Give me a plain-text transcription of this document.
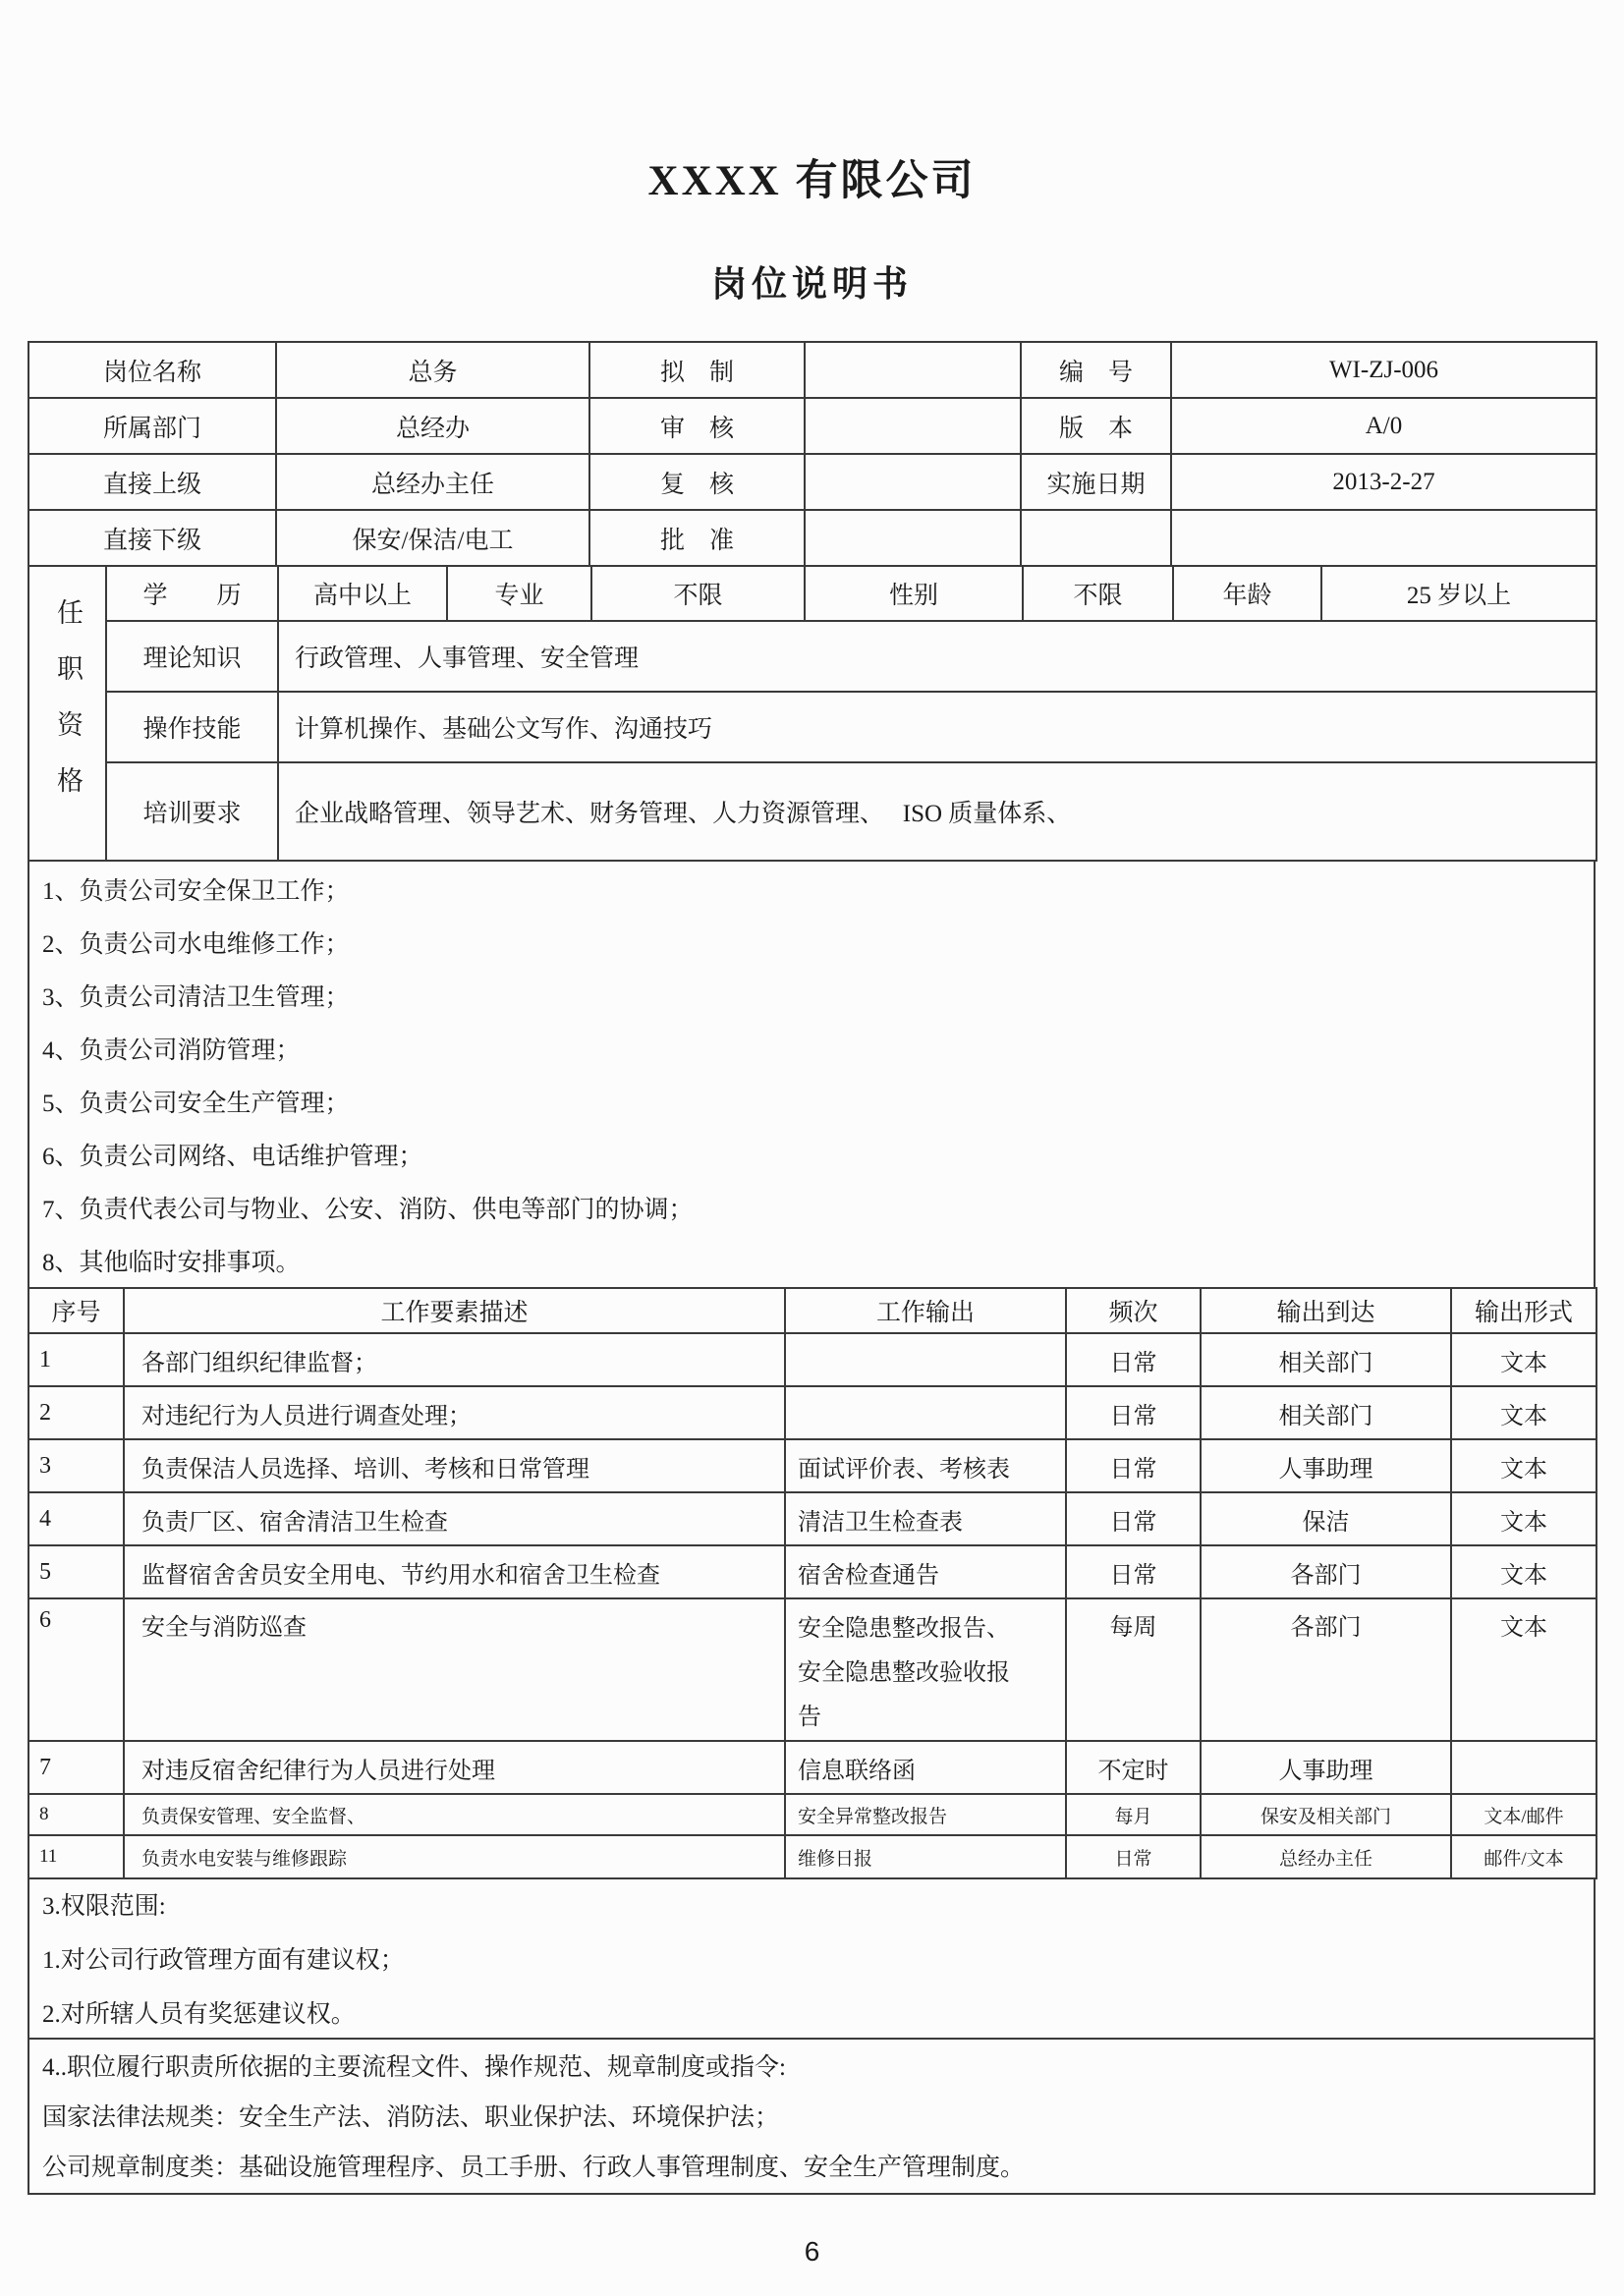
XXXX 有限公司
岗位说明书
岗位名称	总务	拟　制		编　号	WI-ZJ-006
所属部门	总经办	审　核		版　本	A/0
直接上级	总经办主任	复　核		实施日期	2013-2-27
直接下级	保安/保洁/电工	批　准			
任职资格	学　　历	高中以上	专业	不限	性别	不限	年龄	25 岁以上
	理论知识	行政管理、人事管理、安全管理						
	操作技能	计算机操作、基础公文写作、沟通技巧						
	培训要求	企业战略管理、领导艺术、财务管理、人力资源管理、　 ISO 质量体系、						
1、负责公司安全保卫工作；
2、负责公司水电维修工作；
3、负责公司清洁卫生管理；
4、负责公司消防管理；
5、负责公司安全生产管理；
6、负责公司网络、电话维护管理；
7、负责代表公司与物业、公安、消防、供电等部门的协调；
8、其他临时安排事项。
序号	工作要素描述	工作输出	频次	输出到达	输出形式
1	各部门组织纪律监督；		日常	相关部门	文本
2	对违纪行为人员进行调查处理；		日常	相关部门	文本
3	负责保洁人员选择、培训、考核和日常管理	面试评价表、考核表	日常	人事助理	文本
4	负责厂区、宿舍清洁卫生检查	清洁卫生检查表	日常	保洁	文本
5	监督宿舍舍员安全用电、节约用水和宿舍卫生检查	宿舍检查通告	日常	各部门	文本
6	安全与消防巡查	安全隐患整改报告、安全隐患整改验收报告	每周	各部门	文本
7	对违反宿舍纪律行为人员进行处理	信息联络函	不定时	人事助理	
8	负责保安管理、安全监督、	安全异常整改报告	每月	保安及相关部门	文本/邮件
11	负责水电安装与维修跟踪	维修日报	日常	总经办主任	邮件/文本
3.权限范围:
1.对公司行政管理方面有建议权；
2.对所辖人员有奖惩建议权。
4..职位履行职责所依据的主要流程文件、操作规范、规章制度或指令:
国家法律法规类：安全生产法、消防法、职业保护法、环境保护法；
公司规章制度类：基础设施管理程序、员工手册、行政人事管理制度、安全生产管理制度。
6
